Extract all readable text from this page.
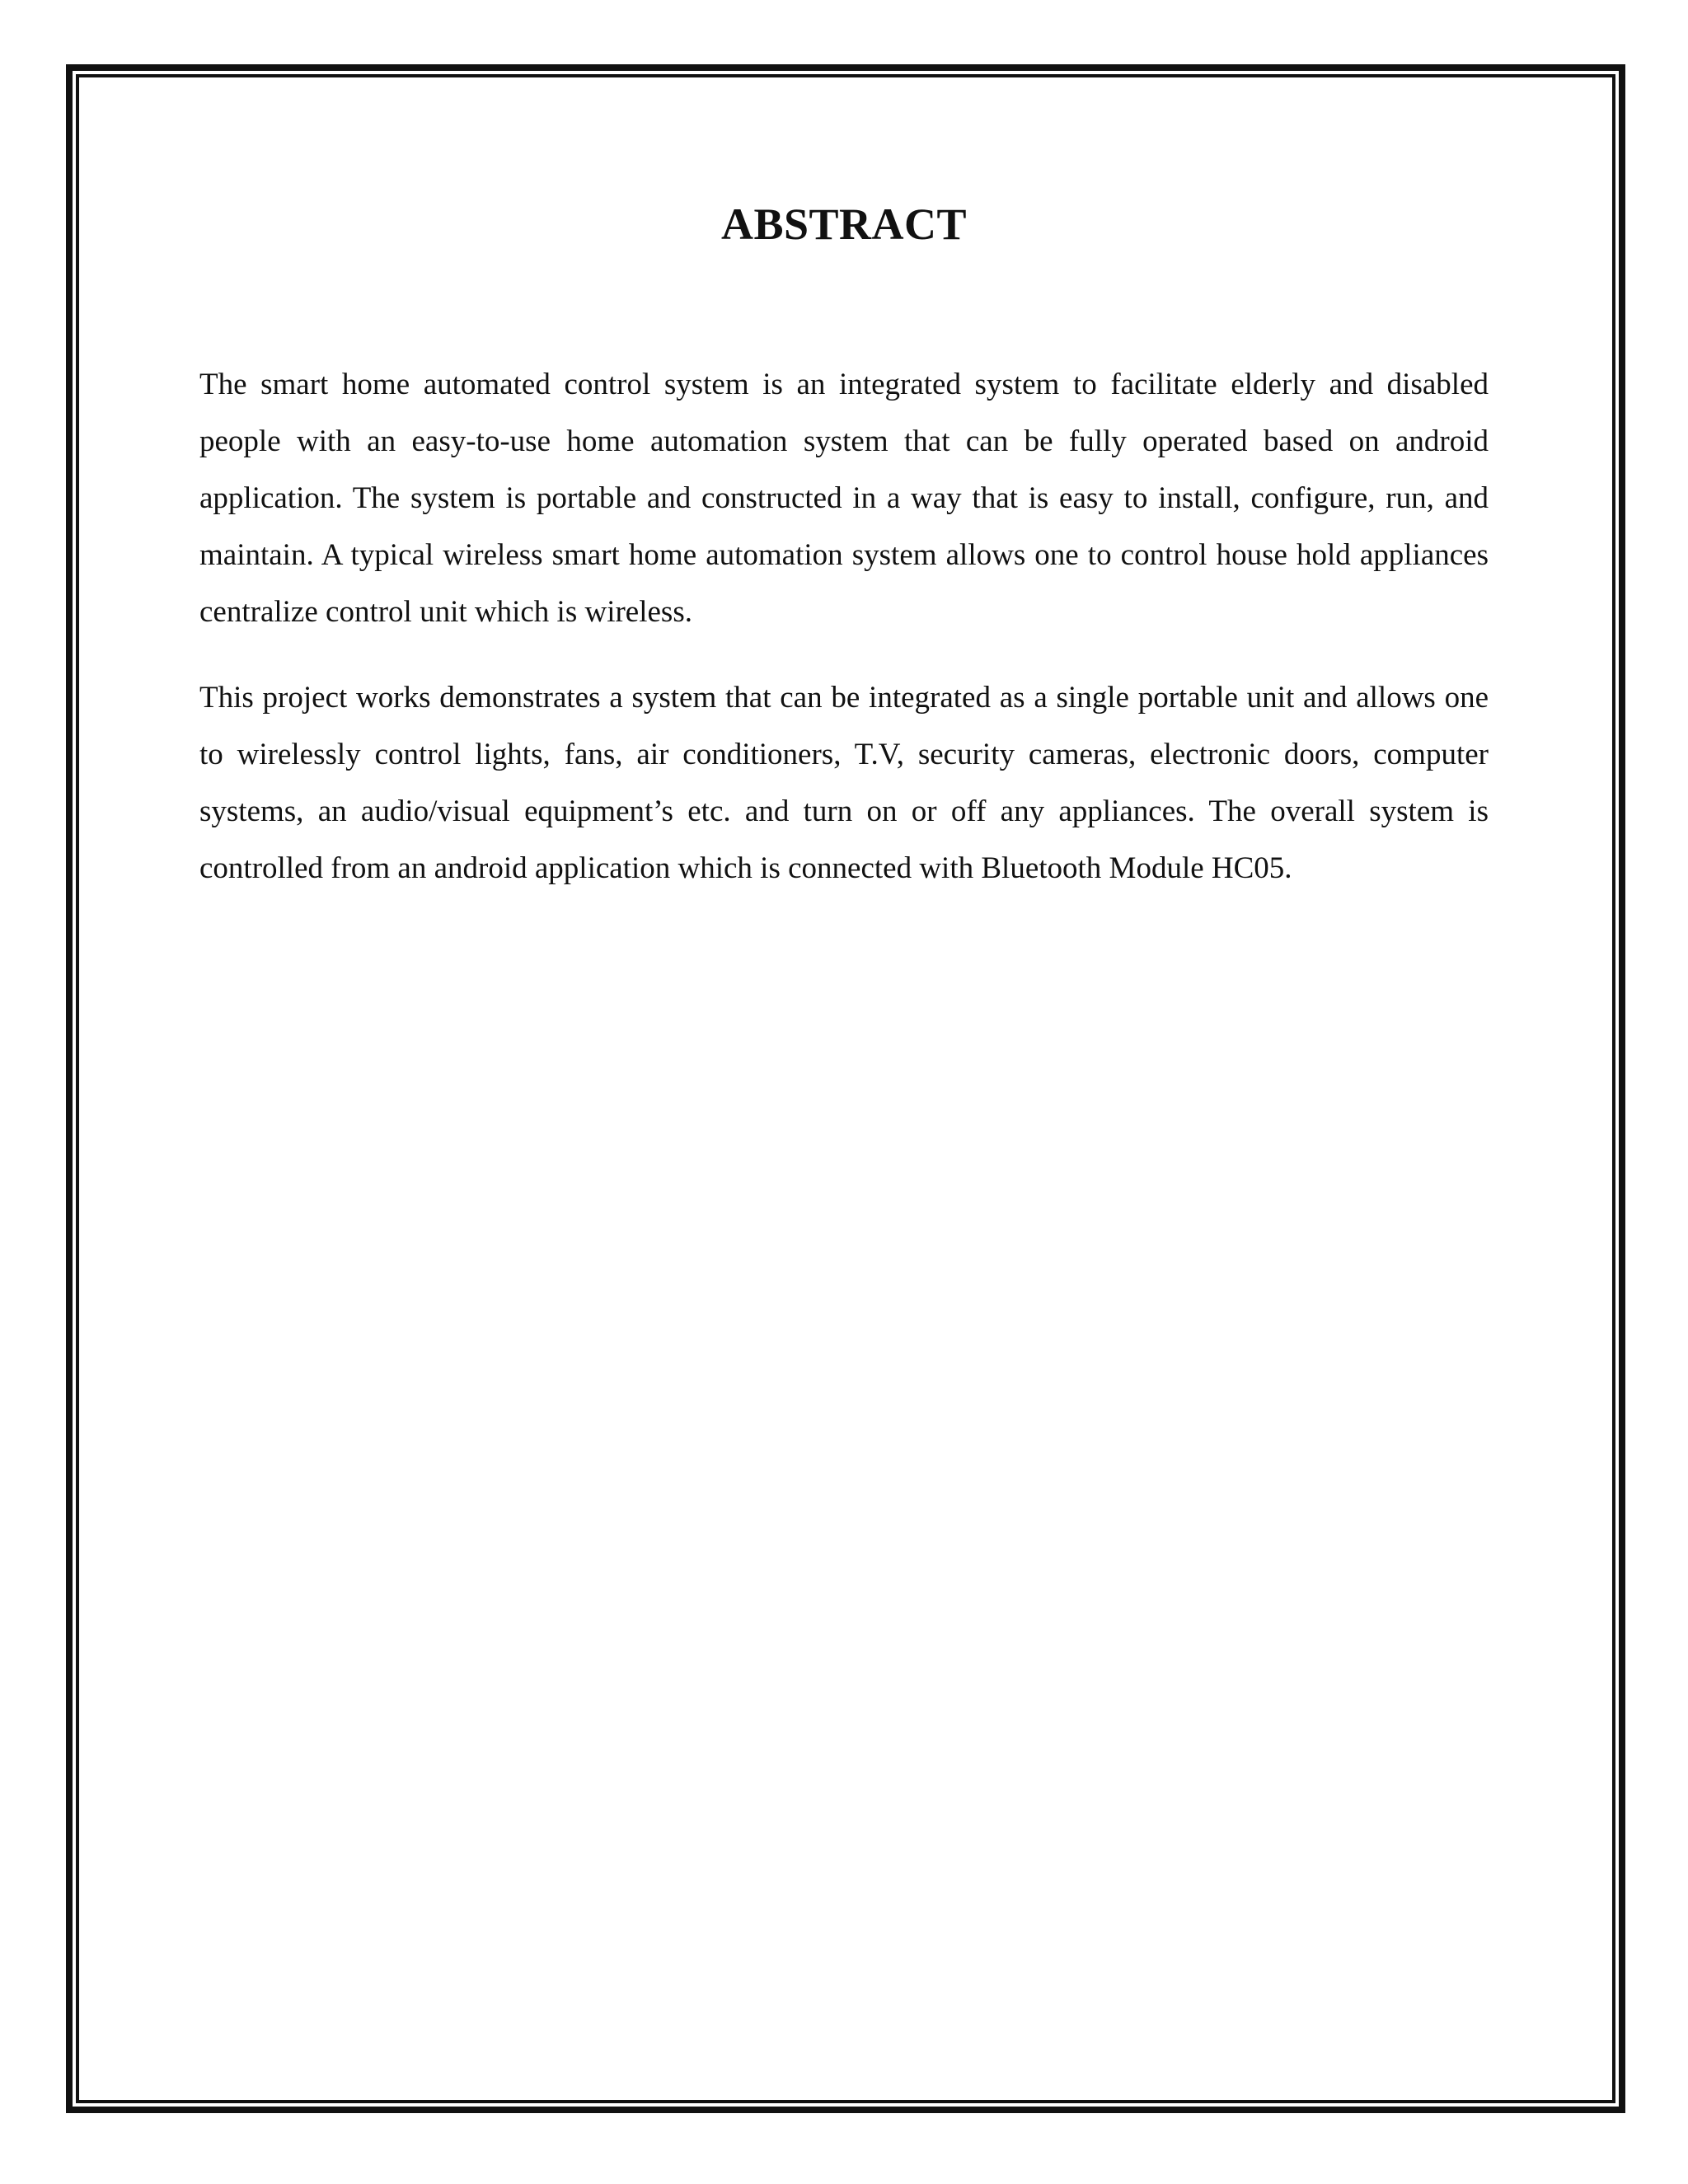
ABSTRACT

The smart home automated control system is an integrated system to facilitate elderly and disabled people with an easy-to-use home automation system that can be fully operated based on android application. The system is portable and constructed in a way that is easy to install, configure, run, and maintain. A typical wireless smart home automation system allows one to control house hold appliances centralize control unit which is wireless.

This project works demonstrates a system that can be integrated as a single portable unit and allows one to wirelessly control lights, fans, air conditioners, T.V, security cameras, electronic doors, computer systems, an audio/visual equipment’s etc. and turn on or off any appliances. The overall system is controlled from an android application which is connected with Bluetooth Module HC05.
